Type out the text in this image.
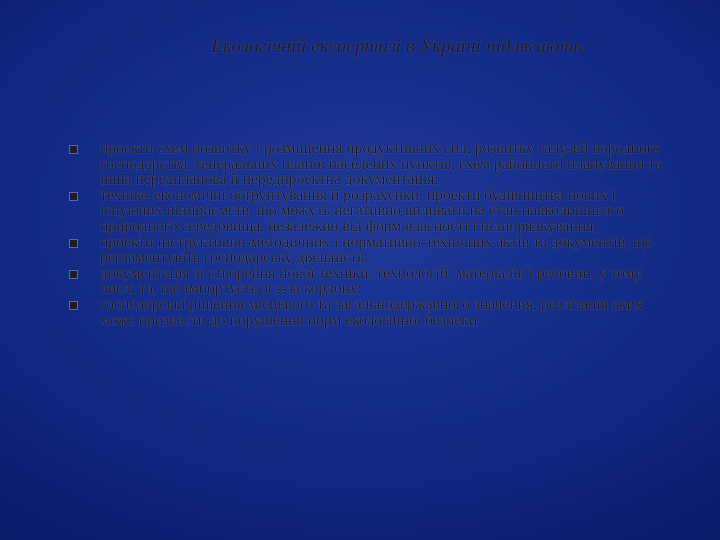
Екологічній експертизі в Україні підлягають:
проекти схем розвитку і розміщення продуктивних сил, розвитку галузей народного господарства, генеральних планів населених пунктів, схем районного планування та інша передпланова й передпроектна документація;
техніко-економічні обґрунтування й розрахунки, проекти будівництва нових і існуючих підприємств, що можуть негативно впливати на стан навколишнього природного середовища, незалежно від форм власності і підпорядкування;
проекти інструктивно-методичних і нормативно-технічних актів та документів, що регламентують господарську діяльність;
документація зі створення нової техніки, технологій, матеріалів і речовин, у тому числі та, що імпортується з-за кордону;
господарські рішення місцевого та загальнодержавного значення, реалізація яких може призвести до порушення норм екологічної безпеки.
